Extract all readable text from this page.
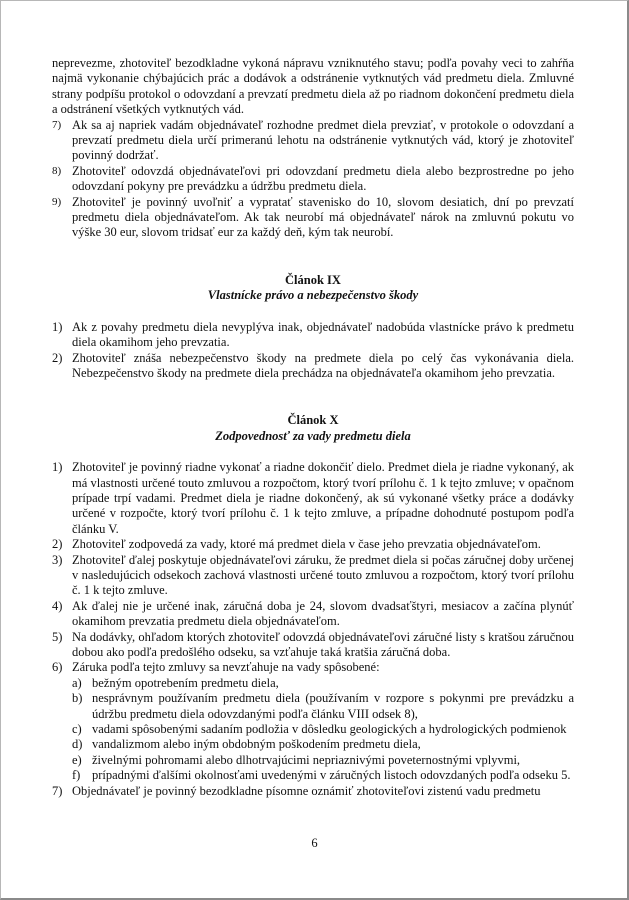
neprevezme, zhotoviteľ bezodkladne vykoná nápravu vzniknutého stavu; podľa povahy veci to zahŕňa najmä vykonanie chýbajúcich prác a dodávok a odstránenie vytknutých vád predmetu diela. Zmluvné strany podpíšu protokol o odovzdaní a prevzatí predmetu diela až po riadnom dokončení predmetu diela a odstránení všetkých vytknutých vád.

7) Ak sa aj napriek vadám objednávateľ rozhodne predmet diela prevziať, v protokole o odovzdaní a prevzatí predmetu diela určí primeranú lehotu na odstránenie vytknutých vád, ktorý je zhotoviteľ povinný dodržať.

8) Zhotoviteľ odovzdá objednávateľovi pri odovzdaní predmetu diela alebo bezprostredne po jeho odovzdaní pokyny pre prevádzku a údržbu predmetu diela.

9) Zhotoviteľ je povinný uvoľniť a vypratať stavenisko do 10, slovom desiatich, dní po prevzatí predmetu diela objednávateľom. Ak tak neurobí má objednávateľ nárok na zmluvnú pokutu vo výške 30 eur, slovom tridsať eur za každý deň, kým tak neurobí.

Článok IX

Vlastnícke právo a nebezpečenstvo škody

1) Ak z povahy predmetu diela nevyplýva inak, objednávateľ nadobúda vlastnícke právo k predmetu diela okamihom jeho prevzatia.

2) Zhotoviteľ znáša nebezpečenstvo škody na predmete diela po celý čas vykonávania diela. Nebezpečenstvo škody na predmete diela prechádza na objednávateľa okamihom jeho prevzatia.

Článok X

Zodpovednosť za vady predmetu diela

1) Zhotoviteľ je povinný riadne vykonať a riadne dokončiť dielo. Predmet diela je riadne vykonaný, ak má vlastnosti určené touto zmluvou a rozpočtom, ktorý tvorí prílohu č. 1 k tejto zmluve; v opačnom prípade trpí vadami. Predmet diela je riadne dokončený, ak sú vykonané všetky práce a dodávky určené v rozpočte, ktorý tvorí prílohu č. 1 k tejto zmluve, a prípadne dohodnuté postupom podľa článku V.

2) Zhotoviteľ zodpovedá za vady, ktoré má predmet diela v čase jeho prevzatia objednávateľom.

3) Zhotoviteľ ďalej poskytuje objednávateľovi záruku, že predmet diela si počas záručnej doby určenej v nasledujúcich odsekoch zachová vlastnosti určené touto zmluvou a rozpočtom, ktorý tvorí prílohu č. 1 k tejto zmluve.

4) Ak ďalej nie je určené inak, záručná doba je 24, slovom dvadsaťštyri, mesiacov a začína plynúť okamihom prevzatia predmetu diela objednávateľom.

5) Na dodávky, ohľadom ktorých zhotoviteľ odovzdá objednávateľovi záručné listy s kratšou záručnou dobou ako podľa predošlého odseku, sa vzťahuje taká kratšia záručná doba.

6) Záruka podľa tejto zmluvy sa nevzťahuje na vady spôsobené:

a) bežným opotrebením predmetu diela,

b) nesprávnym používaním predmetu diela (používaním v rozpore s pokynmi pre prevádzku a údržbu predmetu diela odovzdanými podľa článku VIII odsek 8),

c) vadami spôsobenými sadaním podložia v dôsledku geologických a hydrologických podmienok

d) vandalizmom alebo iným obdobným poškodením predmetu diela,

e) živelnými pohromami alebo dlhotrvajúcimi nepriaznivými poveternostnými vplyvmi,

f) prípadnými ďalšími okolnosťami uvedenými v záručných listoch odovzdaných podľa odseku 5.

7) Objednávateľ je povinný bezodkladne písomne oznámiť zhotoviteľovi zistenú vadu predmetu

6
